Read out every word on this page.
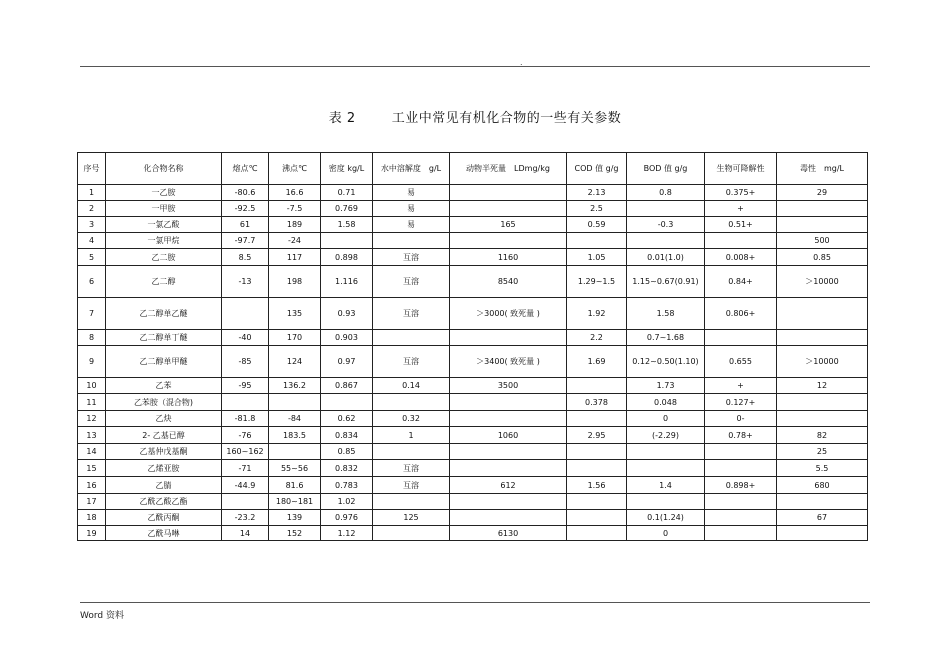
.
表 2	工业中常见有机化合物的一些有关参数
序号	化合物名称	熔点℃	沸点℃	密度 kg/L	水中溶解度　g/L	动物半死量　LDmg/kg	COD 值 g/g	BOD 值 g/g	生物可降解性	毒性　mg/L
1	一乙胺	-80.6	16.6	0.71	易		2.13	0.8	0.375+	29
2	一甲胺	-92.5	-7.5	0.769	易		2.5		+	
3	一氯乙酸	61	189	1.58	易	165	0.59	-0.3	0.51+	
4	一氯甲烷	-97.7	-24							500
5	乙二胺	8.5	117	0.898	互溶	1160	1.05	0.01(1.0)	0.008+	0.85
6	乙二醇	-13	198	1.116	互溶	8540	1.29~1.5	1.15~0.67(0.91)	0.84+	＞10000
7	乙二醇单乙醚		135	0.93	互溶	＞3000( 致死量 )	1.92	1.58	0.806+	
8	乙二醇单丁醚	-40	170	0.903			2.2	0.7~1.68		
9	乙二醇单甲醚	-85	124	0.97	互溶	＞3400( 致死量 )	1.69	0.12~0.50(1.10)	0.655	＞10000
10	乙苯	-95	136.2	0.867	0.14	3500		1.73	+	12
11	乙苯胺（混合物)						0.378	0.048	0.127+	
12	乙炔	-81.8	-84	0.62	0.32			0	0-	
13	2- 乙基已醇	-76	183.5	0.834	1	1060	2.95	(-2.29)	0.78+	82
14	乙基仲戊基酮	160~162		0.85						25
15	乙烯亚胺	-71	55~56	0.832	互溶					5.5
16	乙腈	-44.9	81.6	0.783	互溶	612	1.56	1.4	0.898+	680
17	乙酰乙酸乙酯		180~181	1.02						
18	乙酰丙酮	-23.2	139	0.976	125			0.1(1.24)		67
19	乙酰马啉	14	152	1.12		6130		0		
Word 资料
